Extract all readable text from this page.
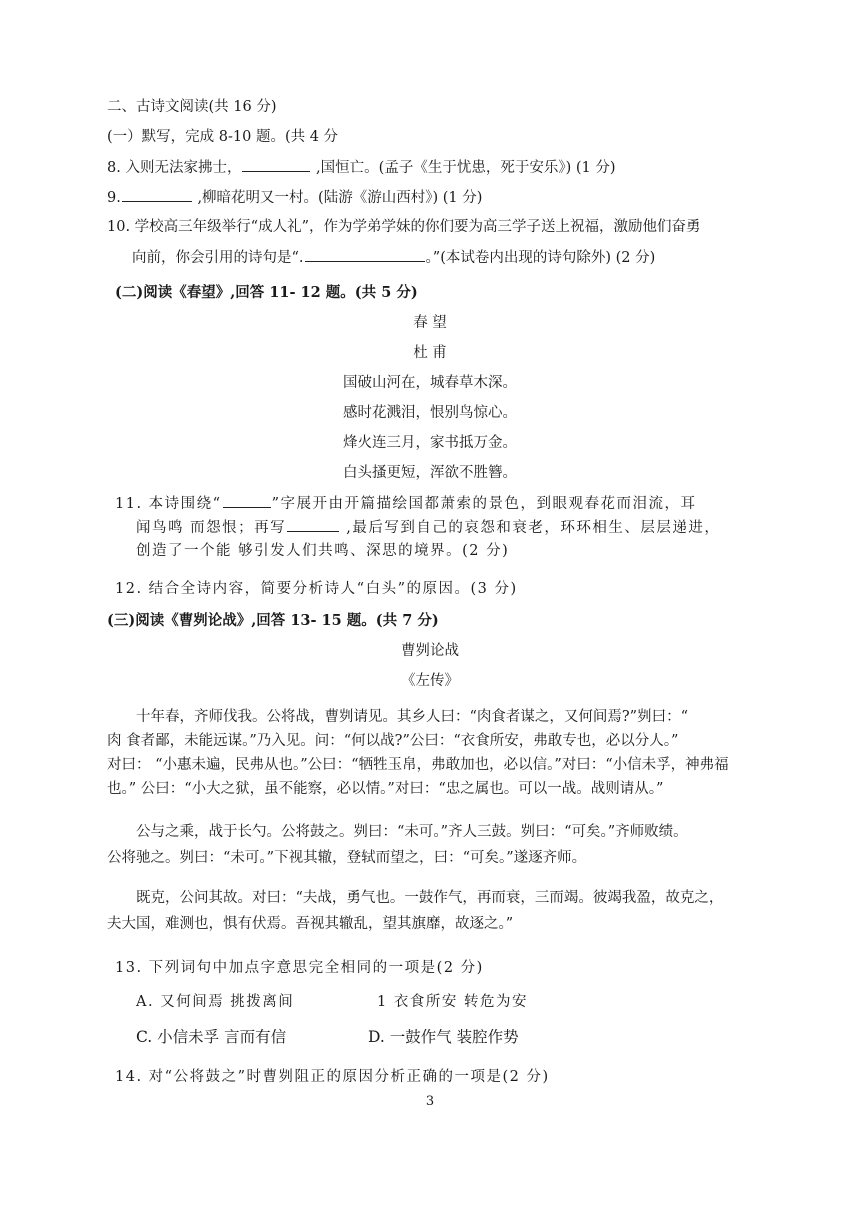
二、古诗文阅读(共 16 分)
(一）默写，完成 8-10 题。(共 4 分
8. 入则无法家拂士，	,国恒亡。(孟子《生于忧患，死于安乐》) (1 分)
9.	,柳暗花明又一村。(陆游《游山西村》) (1 分)
10. 学校高三年级举行“成人礼”，作为学弟学妹的你们要为高三学子送上祝福，激励他们奋勇
向前，你会引用的诗句是“.	。”(本试卷内出现的诗句除外) (2 分)
(二)阅读《春望》,回答 11- 12 题。(共 5 分)
春 望
杜 甫
国破山河在，城春草木深。
感时花溅泪，恨别鸟惊心。
烽火连三月，家书抵万金。
白头搔更短，浑欲不胜簪。
11. 本诗围绕“	”字展开由开篇描绘国都萧索的景色，到眼观春花而泪流，耳
闻鸟鸣 而怨恨；再写	,最后写到自己的哀怨和衰老，环环相生、层层递进，
创造了一个能 够引发人们共鸣、深思的境界。(2 分)
12. 结合全诗内容，简要分析诗人“白头”的原因。(3 分)
(三)阅读《曹刿论战》,回答 13- 15 题。(共 7 分)
曹刿论战
《左传》
十年春，齐师伐我。公将战，曹刿请见。其乡人曰：“肉食者谋之，又何间焉?”刿曰：“
肉 食者鄙，未能远谋。”乃入见。问：“何以战?”公曰：“衣食所安，弗敢专也，必以分人。”
对曰： “小惠未遍，民弗从也。”公曰：“牺牲玉帛，弗敢加也，必以信。”对曰：“小信未孚，神弗福
也。” 公曰：“小大之狱，虽不能察，必以情。”对曰：“忠之属也。可以一战。战则请从。”
公与之乘，战于长勺。公将鼓之。刿曰：“未可。”齐人三鼓。刿曰：“可矣。”齐师败绩。
公将驰之。刿曰：“未可。”下视其辙，登轼而望之，曰：“可矣。”遂逐齐师。
既克，公问其故。对曰：“夫战，勇气也。一鼓作气，再而衰，三而竭。彼竭我盈，故克之，
夫大国，难测也，惧有伏焉。吾视其辙乱，望其旗靡，故逐之。”
13. 下列词句中加点字意思完全相同的一项是(2 分)
A. 又何间焉 挑拨离间	1 衣食所安 转危为安
C. 小信未孚 言而有信	D. 一鼓作气 装腔作势
14. 对“公将鼓之”时曹刿阻正的原因分析正确的一项是(2 分)
3
